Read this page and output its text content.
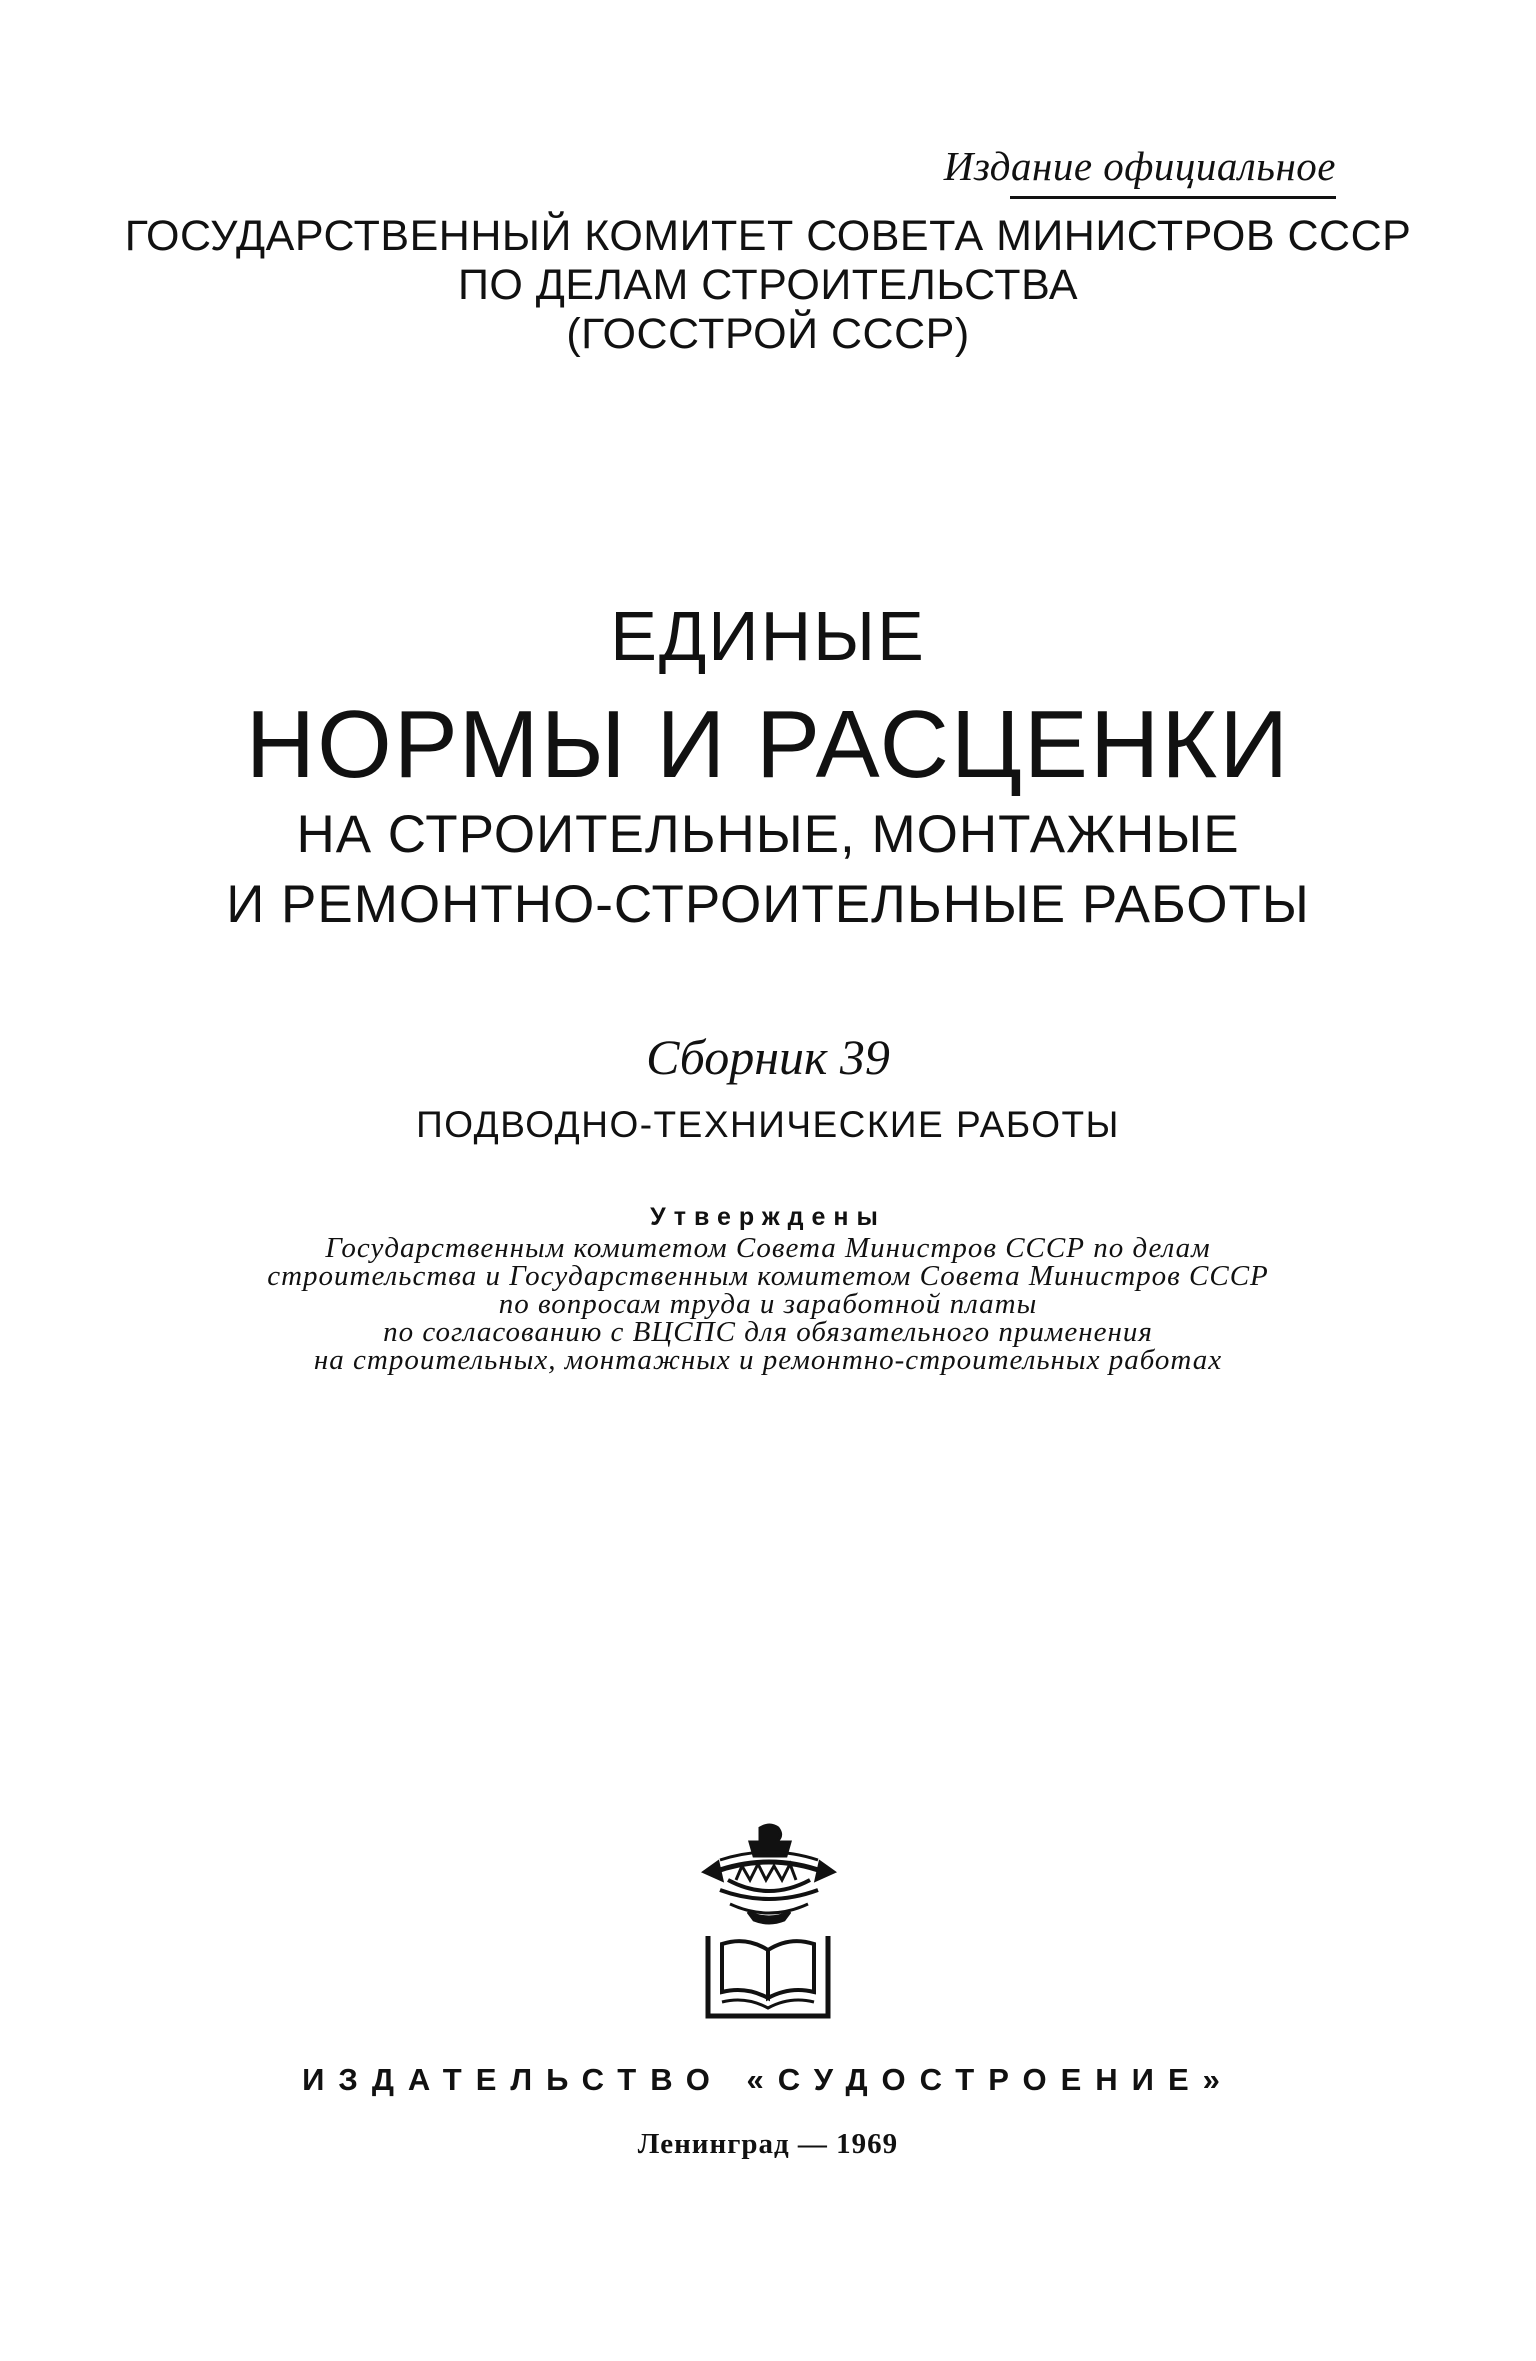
Издание официальное
ГОСУДАРСТВЕННЫЙ КОМИТЕТ СОВЕТА МИНИСТРОВ СССР
ПО ДЕЛАМ СТРОИТЕЛЬСТВА
(ГОССТРОЙ СССР)
ЕДИНЫЕ
НОРМЫ И РАСЦЕНКИ
НА СТРОИТЕЛЬНЫЕ, МОНТАЖНЫЕ
И РЕМОНТНО-СТРОИТЕЛЬНЫЕ РАБОТЫ
Сборник 39
ПОДВОДНО-ТЕХНИЧЕСКИЕ РАБОТЫ
Утверждены
Государственным комитетом Совета Министров СССР по делам
строительства и Государственным комитетом Совета Министров СССР
по вопросам труда и заработной платы
по согласованию с ВЦСПС для обязательного применения
на строительных, монтажных и ремонтно-строительных работах
ИЗДАТЕЛЬСТВО «СУДОСТРОЕНИЕ»
Ленинград — 1969
